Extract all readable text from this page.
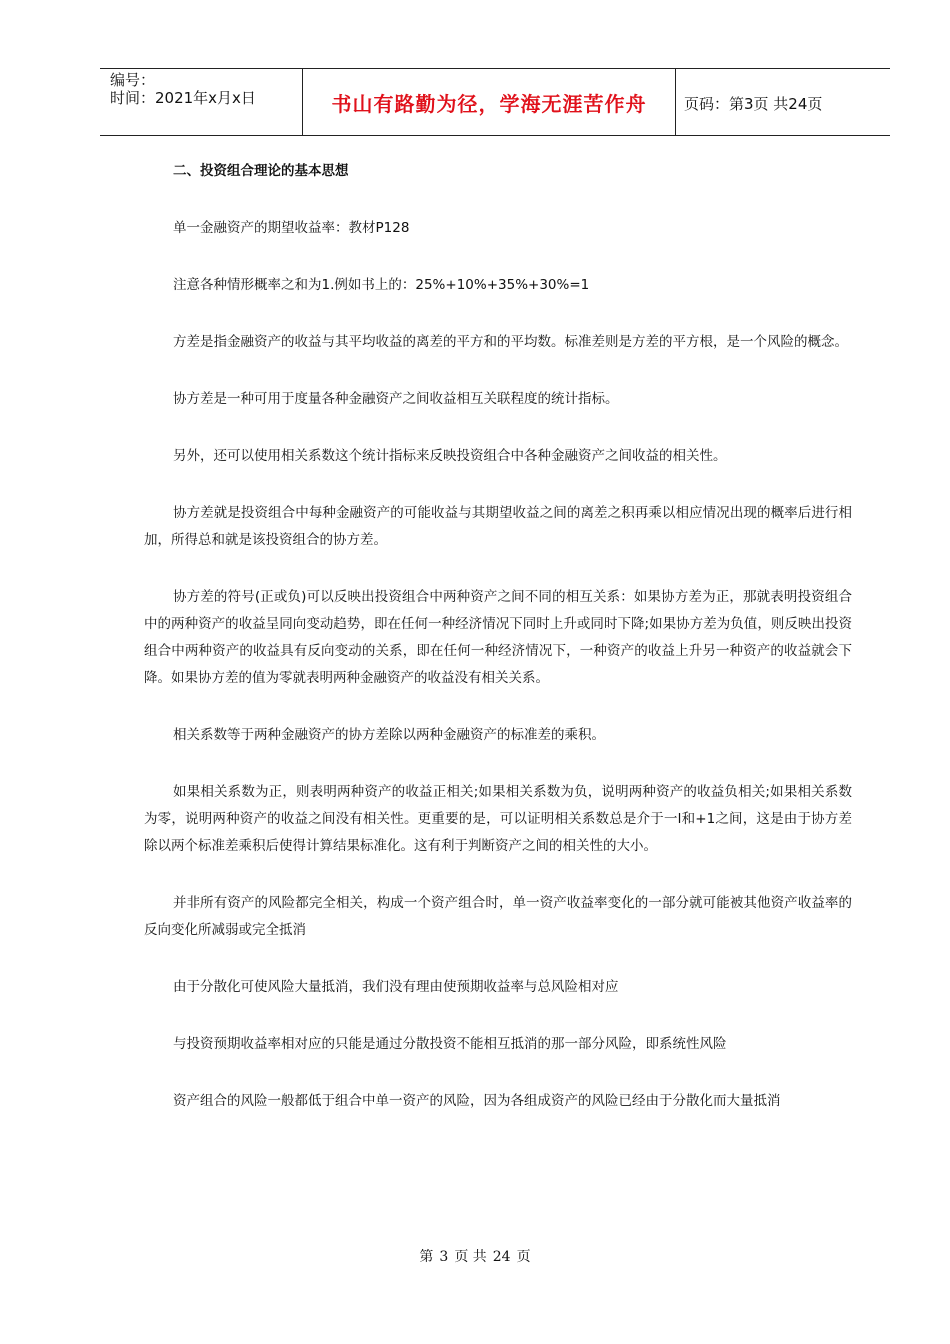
编号：
时间：2021年x月x日	书山有路勤为径，学海无涯苦作舟	页码：第3页 共24页

二、投资组合理论的基本思想

单一金融资产的期望收益率：教材P128

注意各种情形概率之和为1.例如书上的：25%+10%+35%+30%=1

方差是指金融资产的收益与其平均收益的离差的平方和的平均数。标准差则是方差的平方根，是一个风险的概念。

协方差是一种可用于度量各种金融资产之间收益相互关联程度的统计指标。

另外，还可以使用相关系数这个统计指标来反映投资组合中各种金融资产之间收益的相关性。

协方差就是投资组合中每种金融资产的可能收益与其期望收益之间的离差之积再乘以相应情况出现的概率后进行相加，所得总和就是该投资组合的协方差。

协方差的符号(正或负)可以反映出投资组合中两种资产之间不同的相互关系：如果协方差为正，那就表明投资组合中的两种资产的收益呈同向变动趋势，即在任何一种经济情况下同时上升或同时下降;如果协方差为负值，则反映出投资组合中两种资产的收益具有反向变动的关系，即在任何一种经济情况下，一种资产的收益上升另一种资产的收益就会下降。如果协方差的值为零就表明两种金融资产的收益没有相关关系。

相关系数等于两种金融资产的协方差除以两种金融资产的标准差的乘积。

如果相关系数为正，则表明两种资产的收益正相关;如果相关系数为负，说明两种资产的收益负相关;如果相关系数为零，说明两种资产的收益之间没有相关性。更重要的是，可以证明相关系数总是介于一l和+1之间，这是由于协方差除以两个标准差乘积后使得计算结果标准化。这有利于判断资产之间的相关性的大小。

并非所有资产的风险都完全相关，构成一个资产组合时，单一资产收益率变化的一部分就可能被其他资产收益率的反向变化所减弱或完全抵消

由于分散化可使风险大量抵消，我们没有理由使预期收益率与总风险相对应

与投资预期收益率相对应的只能是通过分散投资不能相互抵消的那一部分风险，即系统性风险

资产组合的风险一般都低于组合中单一资产的风险，因为各组成资产的风险已经由于分散化而大量抵消

第 3 页 共 24 页
